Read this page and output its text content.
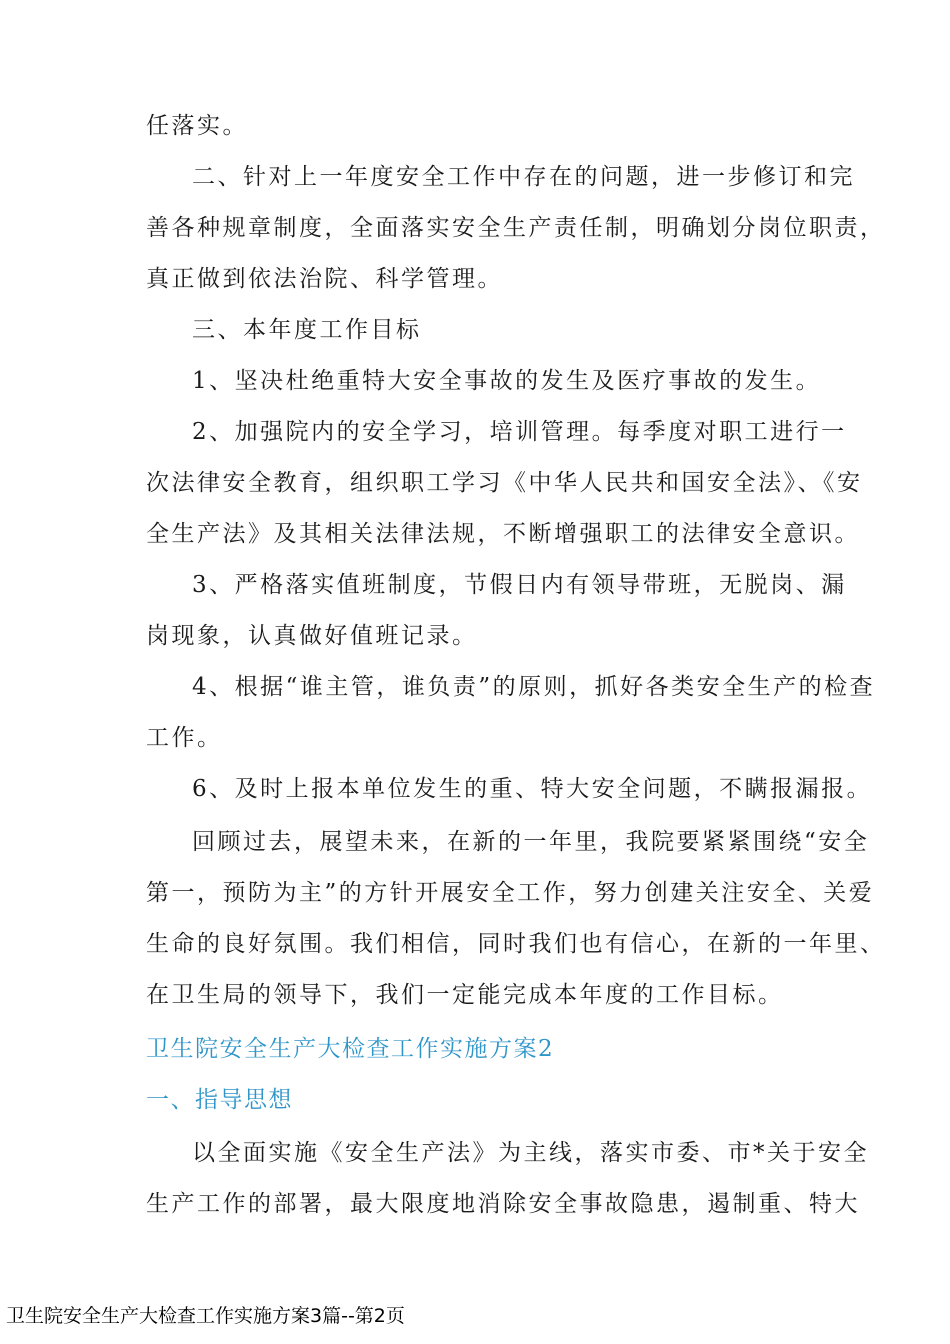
任落实。
二、针对上一年度安全工作中存在的问题，进一步修订和完
善各种规章制度，全面落实安全生产责任制，明确划分岗位职责，
真正做到依法治院、科学管理。
三、本年度工作目标
1、坚决杜绝重特大安全事故的发生及医疗事故的发生。
2、加强院内的安全学习，培训管理。每季度对职工进行一
次法律安全教育，组织职工学习《中华人民共和国安全法》、《安
全生产法》及其相关法律法规，不断增强职工的法律安全意识。
3、严格落实值班制度，节假日内有领导带班，无脱岗、漏
岗现象，认真做好值班记录。
4、根据“谁主管，谁负责”的原则，抓好各类安全生产的检查
工作。
6、及时上报本单位发生的重、特大安全问题，不瞒报漏报。
回顾过去，展望未来，在新的一年里，我院要紧紧围绕“安全
第一，预防为主”的方针开展安全工作，努力创建关注安全、关爱
生命的良好氛围。我们相信，同时我们也有信心，在新的一年里、
在卫生局的领导下，我们一定能完成本年度的工作目标。
卫生院安全生产大检查工作实施方案2
一、指导思想
以全面实施《安全生产法》为主线，落实市委、市*关于安全
生产工作的部署，最大限度地消除安全事故隐患，遏制重、特大
卫生院安全生产大检查工作实施方案3篇--第2页
